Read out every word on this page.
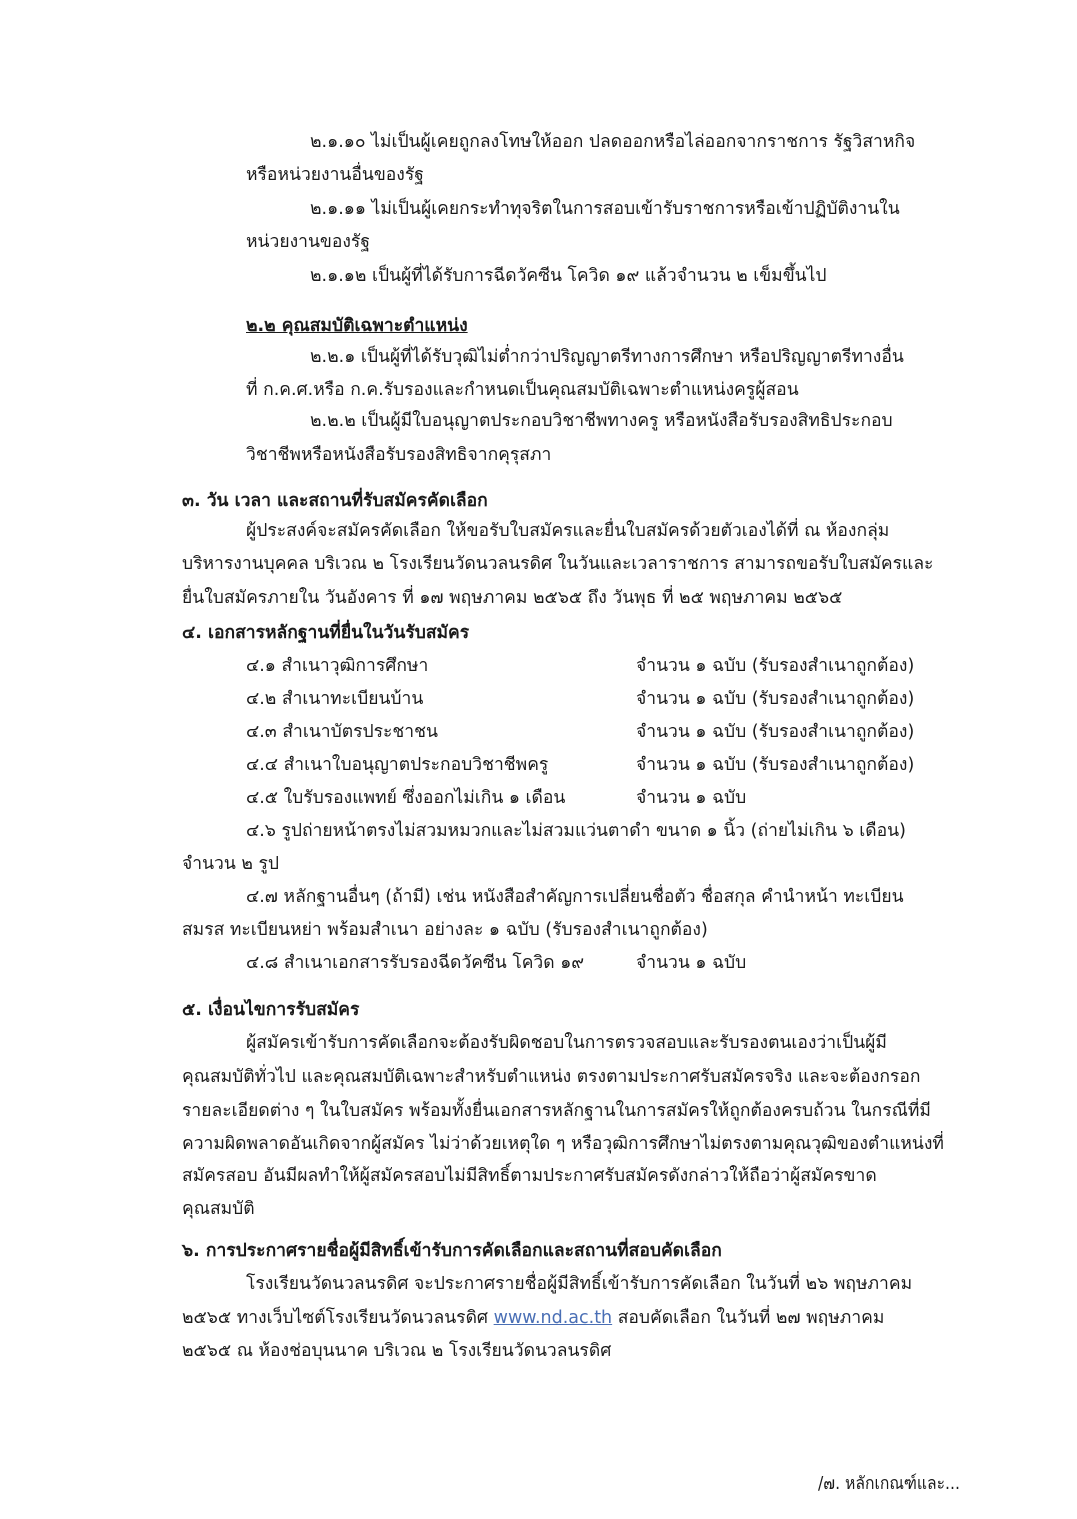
๒.๑.๑๐ ไม่เป็นผู้เคยถูกลงโทษให้ออก ปลดออกหรือไล่ออกจากราชการ รัฐวิสาหกิจ
หรือหน่วยงานอื่นของรัฐ
๒.๑.๑๑ ไม่เป็นผู้เคยกระทำทุจริตในการสอบเข้ารับราชการหรือเข้าปฏิบัติงานใน
หน่วยงานของรัฐ
๒.๑.๑๒ เป็นผู้ที่ได้รับการฉีดวัคซีน โควิด ๑๙ แล้วจำนวน ๒ เข็มขึ้นไป
๒.๒ คุณสมบัติเฉพาะตำแหน่ง
๒.๒.๑ เป็นผู้ที่ได้รับวุฒิไม่ต่ำกว่าปริญญาตรีทางการศึกษา หรือปริญญาตรีทางอื่น
ที่ ก.ค.ศ.หรือ ก.ค.รับรองและกำหนดเป็นคุณสมบัติเฉพาะตำแหน่งครูผู้สอน
๒.๒.๒ เป็นผู้มีใบอนุญาตประกอบวิชาชีพทางครู หรือหนังสือรับรองสิทธิประกอบ
วิชาชีพหรือหนังสือรับรองสิทธิจากคุรุสภา
๓. วัน เวลา และสถานที่รับสมัครคัดเลือก
ผู้ประสงค์จะสมัครคัดเลือก ให้ขอรับใบสมัครและยื่นใบสมัครด้วยตัวเองได้ที่ ณ ห้องกลุ่ม
บริหารงานบุคคล บริเวณ ๒ โรงเรียนวัดนวลนรดิศ ในวันและเวลาราชการ สามารถขอรับใบสมัครและ
ยื่นใบสมัครภายใน วันอังคาร ที่ ๑๗ พฤษภาคม ๒๕๖๕ ถึง วันพุธ ที่ ๒๕ พฤษภาคม ๒๕๖๕
๔. เอกสารหลักฐานที่ยื่นในวันรับสมัคร
๔.๑ สำเนาวุฒิการศึกษา	จำนวน ๑ ฉบับ (รับรองสำเนาถูกต้อง)
๔.๒ สำเนาทะเบียนบ้าน	จำนวน ๑ ฉบับ (รับรองสำเนาถูกต้อง)
๔.๓ สำเนาบัตรประชาชน	จำนวน ๑ ฉบับ (รับรองสำเนาถูกต้อง)
๔.๔ สำเนาใบอนุญาตประกอบวิชาชีพครู	จำนวน ๑ ฉบับ (รับรองสำเนาถูกต้อง)
๔.๕ ใบรับรองแพทย์ ซึ่งออกไม่เกิน ๑ เดือน	จำนวน ๑ ฉบับ
๔.๖ รูปถ่ายหน้าตรงไม่สวมหมวกและไม่สวมแว่นตาดำ ขนาด ๑ นิ้ว (ถ่ายไม่เกิน ๖ เดือน)
จำนวน ๒ รูป
๔.๗ หลักฐานอื่นๆ (ถ้ามี) เช่น หนังสือสำคัญการเปลี่ยนชื่อตัว ชื่อสกุล คำนำหน้า ทะเบียน
สมรส ทะเบียนหย่า พร้อมสำเนา อย่างละ ๑ ฉบับ (รับรองสำเนาถูกต้อง)
๔.๘ สำเนาเอกสารรับรองฉีดวัคซีน โควิด ๑๙	จำนวน ๑ ฉบับ
๕. เงื่อนไขการรับสมัคร
ผู้สมัครเข้ารับการคัดเลือกจะต้องรับผิดชอบในการตรวจสอบและรับรองตนเองว่าเป็นผู้มี
คุณสมบัติทั่วไป และคุณสมบัติเฉพาะสำหรับตำแหน่ง ตรงตามประกาศรับสมัครจริง และจะต้องกรอก
รายละเอียดต่าง ๆ ในใบสมัคร พร้อมทั้งยื่นเอกสารหลักฐานในการสมัครให้ถูกต้องครบถ้วน ในกรณีที่มี
ความผิดพลาดอันเกิดจากผู้สมัคร ไม่ว่าด้วยเหตุใด ๆ หรือวุฒิการศึกษาไม่ตรงตามคุณวุฒิของตำแหน่งที่
สมัครสอบ อันมีผลทำให้ผู้สมัครสอบไม่มีสิทธิ์ตามประกาศรับสมัครดังกล่าวให้ถือว่าผู้สมัครขาด
คุณสมบัติ
๖. การประกาศรายชื่อผู้มีสิทธิ์เข้ารับการคัดเลือกและสถานที่สอบคัดเลือก
โรงเรียนวัดนวลนรดิศ จะประกาศรายชื่อผู้มีสิทธิ์เข้ารับการคัดเลือก ในวันที่ ๒๖ พฤษภาคม
๒๕๖๕ ทางเว็บไซต์โรงเรียนวัดนวลนรดิศ www.nd.ac.th สอบคัดเลือก ในวันที่ ๒๗ พฤษภาคม
๒๕๖๕ ณ ห้องช่อบุนนาค บริเวณ ๒ โรงเรียนวัดนวลนรดิศ
/๗. หลักเกณฑ์และ...
